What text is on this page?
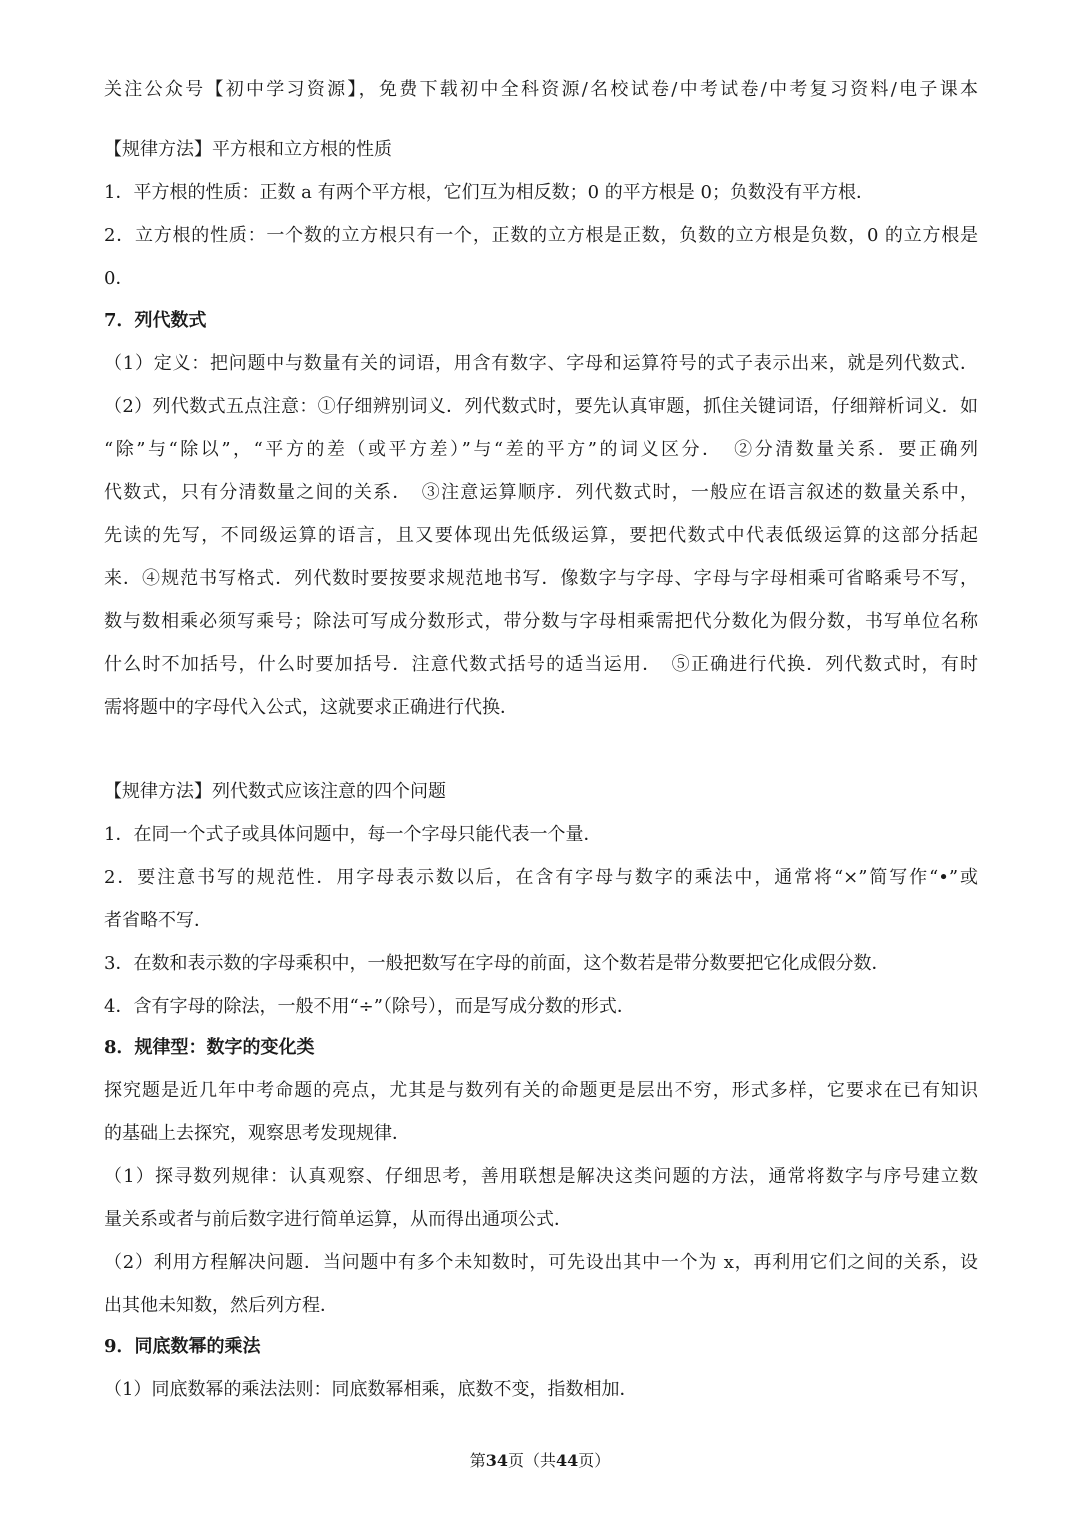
关注公众号【初中学习资源】，免费下载初中全科资源/名校试卷/中考试卷/中考复习资料/电子课本
【规律方法】平方根和立方根的性质
1．平方根的性质：正数 a 有两个平方根，它们互为相反数；0 的平方根是 0；负数没有平方根．
2．立方根的性质：一个数的立方根只有一个，正数的立方根是正数，负数的立方根是负数，0 的立方根是
0．
7．列代数式
（1）定义：把问题中与数量有关的词语，用含有数字、字母和运算符号的式子表示出来，就是列代数式．
（2）列代数式五点注意：①仔细辨别词义．列代数式时，要先认真审题，抓住关键词语，仔细辩析词义．如
“除”与“除以”，“平方的差（或平方差）”与“差的平方”的词义区分．　②分清数量关系．要正确列
代数式，只有分清数量之间的关系．　③注意运算顺序．列代数式时，一般应在语言叙述的数量关系中，
先读的先写，不同级运算的语言，且又要体现出先低级运算，要把代数式中代表低级运算的这部分括起
来．④规范书写格式．列代数时要按要求规范地书写．像数字与字母、字母与字母相乘可省略乘号不写，
数与数相乘必须写乘号；除法可写成分数形式，带分数与字母相乘需把代分数化为假分数，书写单位名称
什么时不加括号，什么时要加括号．注意代数式括号的适当运用．　⑤正确进行代换．列代数式时，有时
需将题中的字母代入公式，这就要求正确进行代换．
【规律方法】列代数式应该注意的四个问题
1．在同一个式子或具体问题中，每一个字母只能代表一个量．
2．要注意书写的规范性．用字母表示数以后，在含有字母与数字的乘法中，通常将“×”简写作“•”或
者省略不写．
3．在数和表示数的字母乘积中，一般把数写在字母的前面，这个数若是带分数要把它化成假分数．
4．含有字母的除法，一般不用“÷”（除号），而是写成分数的形式．
8．规律型：数字的变化类
探究题是近几年中考命题的亮点，尤其是与数列有关的命题更是层出不穷，形式多样，它要求在已有知识
的基础上去探究，观察思考发现规律．
（1）探寻数列规律：认真观察、仔细思考，善用联想是解决这类问题的方法，通常将数字与序号建立数
量关系或者与前后数字进行简单运算，从而得出通项公式．
（2）利用方程解决问题．当问题中有多个未知数时，可先设出其中一个为 x，再利用它们之间的关系，设
出其他未知数，然后列方程．
9．同底数幂的乘法
（1）同底数幂的乘法法则：同底数幂相乘，底数不变，指数相加．
第34页（共44页）
